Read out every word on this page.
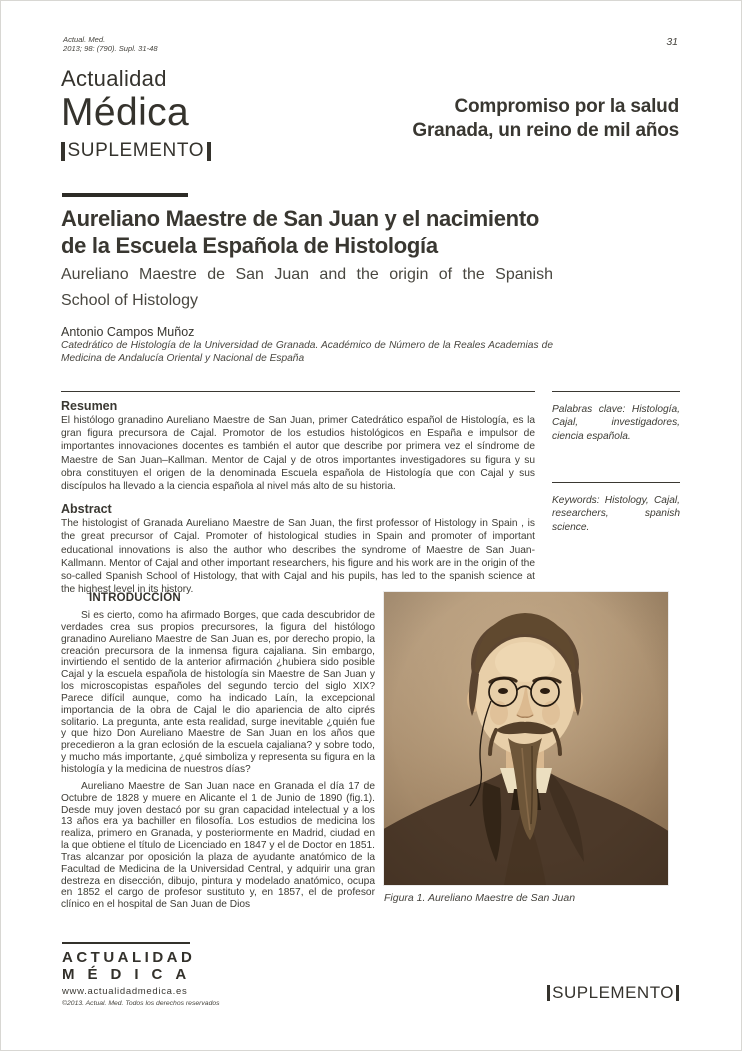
Actual. Med.
2013; 98: (790). Supl. 31-48
31
Actualidad
Médica
SUPLEMENTO
Compromiso por la salud
Granada, un reino de mil años
Aureliano Maestre de San Juan y el nacimiento
de la Escuela Española de Histología
Aureliano Maestre de San Juan and the origin of the Spanish
School of Histology
Antonio Campos Muñoz
Catedrático de Histología de la Universidad de Granada. Académico de Número de la Reales Academias de Medicina de Andalucía Oriental y Nacional de España
Resumen
El histólogo granadino Aureliano Maestre de San Juan, primer Catedrático español de Histología, es la gran figura precursora de Cajal. Promotor de los estudios histológicos en España e impulsor de importantes innovaciones docentes es también el autor que describe por primera vez el síndrome de Maestre de San Juan–Kallman. Mentor de Cajal y de otros importantes investigadores su figura y su obra constituyen el origen de la denominada Escuela española de Histología que con Cajal y sus discípulos ha llevado a la ciencia española al nivel más alto de su historia.
Abstract
The histologist of Granada Aureliano Maestre de San Juan, the first professor of Histology in Spain , is the great precursor of Cajal. Promoter of histological studies in Spain and promoter of important educational innovations is also the author who describes the syndrome of Maestre de San Juan-Kallmann. Mentor of Cajal and other important researchers, his figure and his work are in the origin of the so-called Spanish School of Histology, that with Cajal and his pupils, has led to the spanish science at the highest level in its history.
Palabras clave: Histología, Cajal, investigadores, ciencia española.
Keywords: Histology, Cajal, researchers, spanish science.
INTRODUCCIÓN

Si es cierto, como ha afirmado Borges, que cada descubridor de verdades crea sus propios precursores, la figura del histólogo granadino Aureliano Maestre de San Juan es, por derecho propio, la creación precursora de la inmensa figura cajaliana. Sin embargo, invirtiendo el sentido de la anterior afirmación ¿hubiera sido posible Cajal y la escuela española de histología sin Maestre de San Juan y los microscopistas españoles del segundo tercio del siglo XIX? Parece difícil aunque, como ha indicado Laín, la excepcional importancia de la obra de Cajal le dio apariencia de alto ciprés solitario. La pregunta, ante esta realidad, surge inevitable ¿quién fue y que hizo Don Aureliano Maestre de San Juan en los años que precedieron a la gran eclosión de la escuela cajaliana? y sobre todo, y mucho más importante, ¿qué simboliza y representa su figura en la histología y la medicina de nuestros días?

Aureliano Maestre de San Juan nace en Granada el día 17 de Octubre de 1828 y muere en Alicante el 1 de Junio de 1890 (fig.1). Desde muy joven destacó por su gran capacidad intelectual y a los 13 años era ya bachiller en filosofía. Los estudios de medicina los realiza, primero en Granada, y posteriormente en Madrid, ciudad en la que obtiene el título de Licenciado en 1847 y el de Doctor en 1851. Tras alcanzar por oposición la plaza de ayudante anatómico de la Facultad de Medicina de la Universidad Central, y adquirir una gran destreza en disección, dibujo, pintura y modelado anatómico, ocupa en 1852 el cargo de profesor sustituto y, en 1857, el de profesor clínico en el hospital de San Juan de Dios

Figura 1. Aureliano Maestre de San Juan
ACTUALIDAD
MÉDICA
www.actualidadmedica.es
©2013. Actual. Med. Todos los derechos reservados
SUPLEMENTO
